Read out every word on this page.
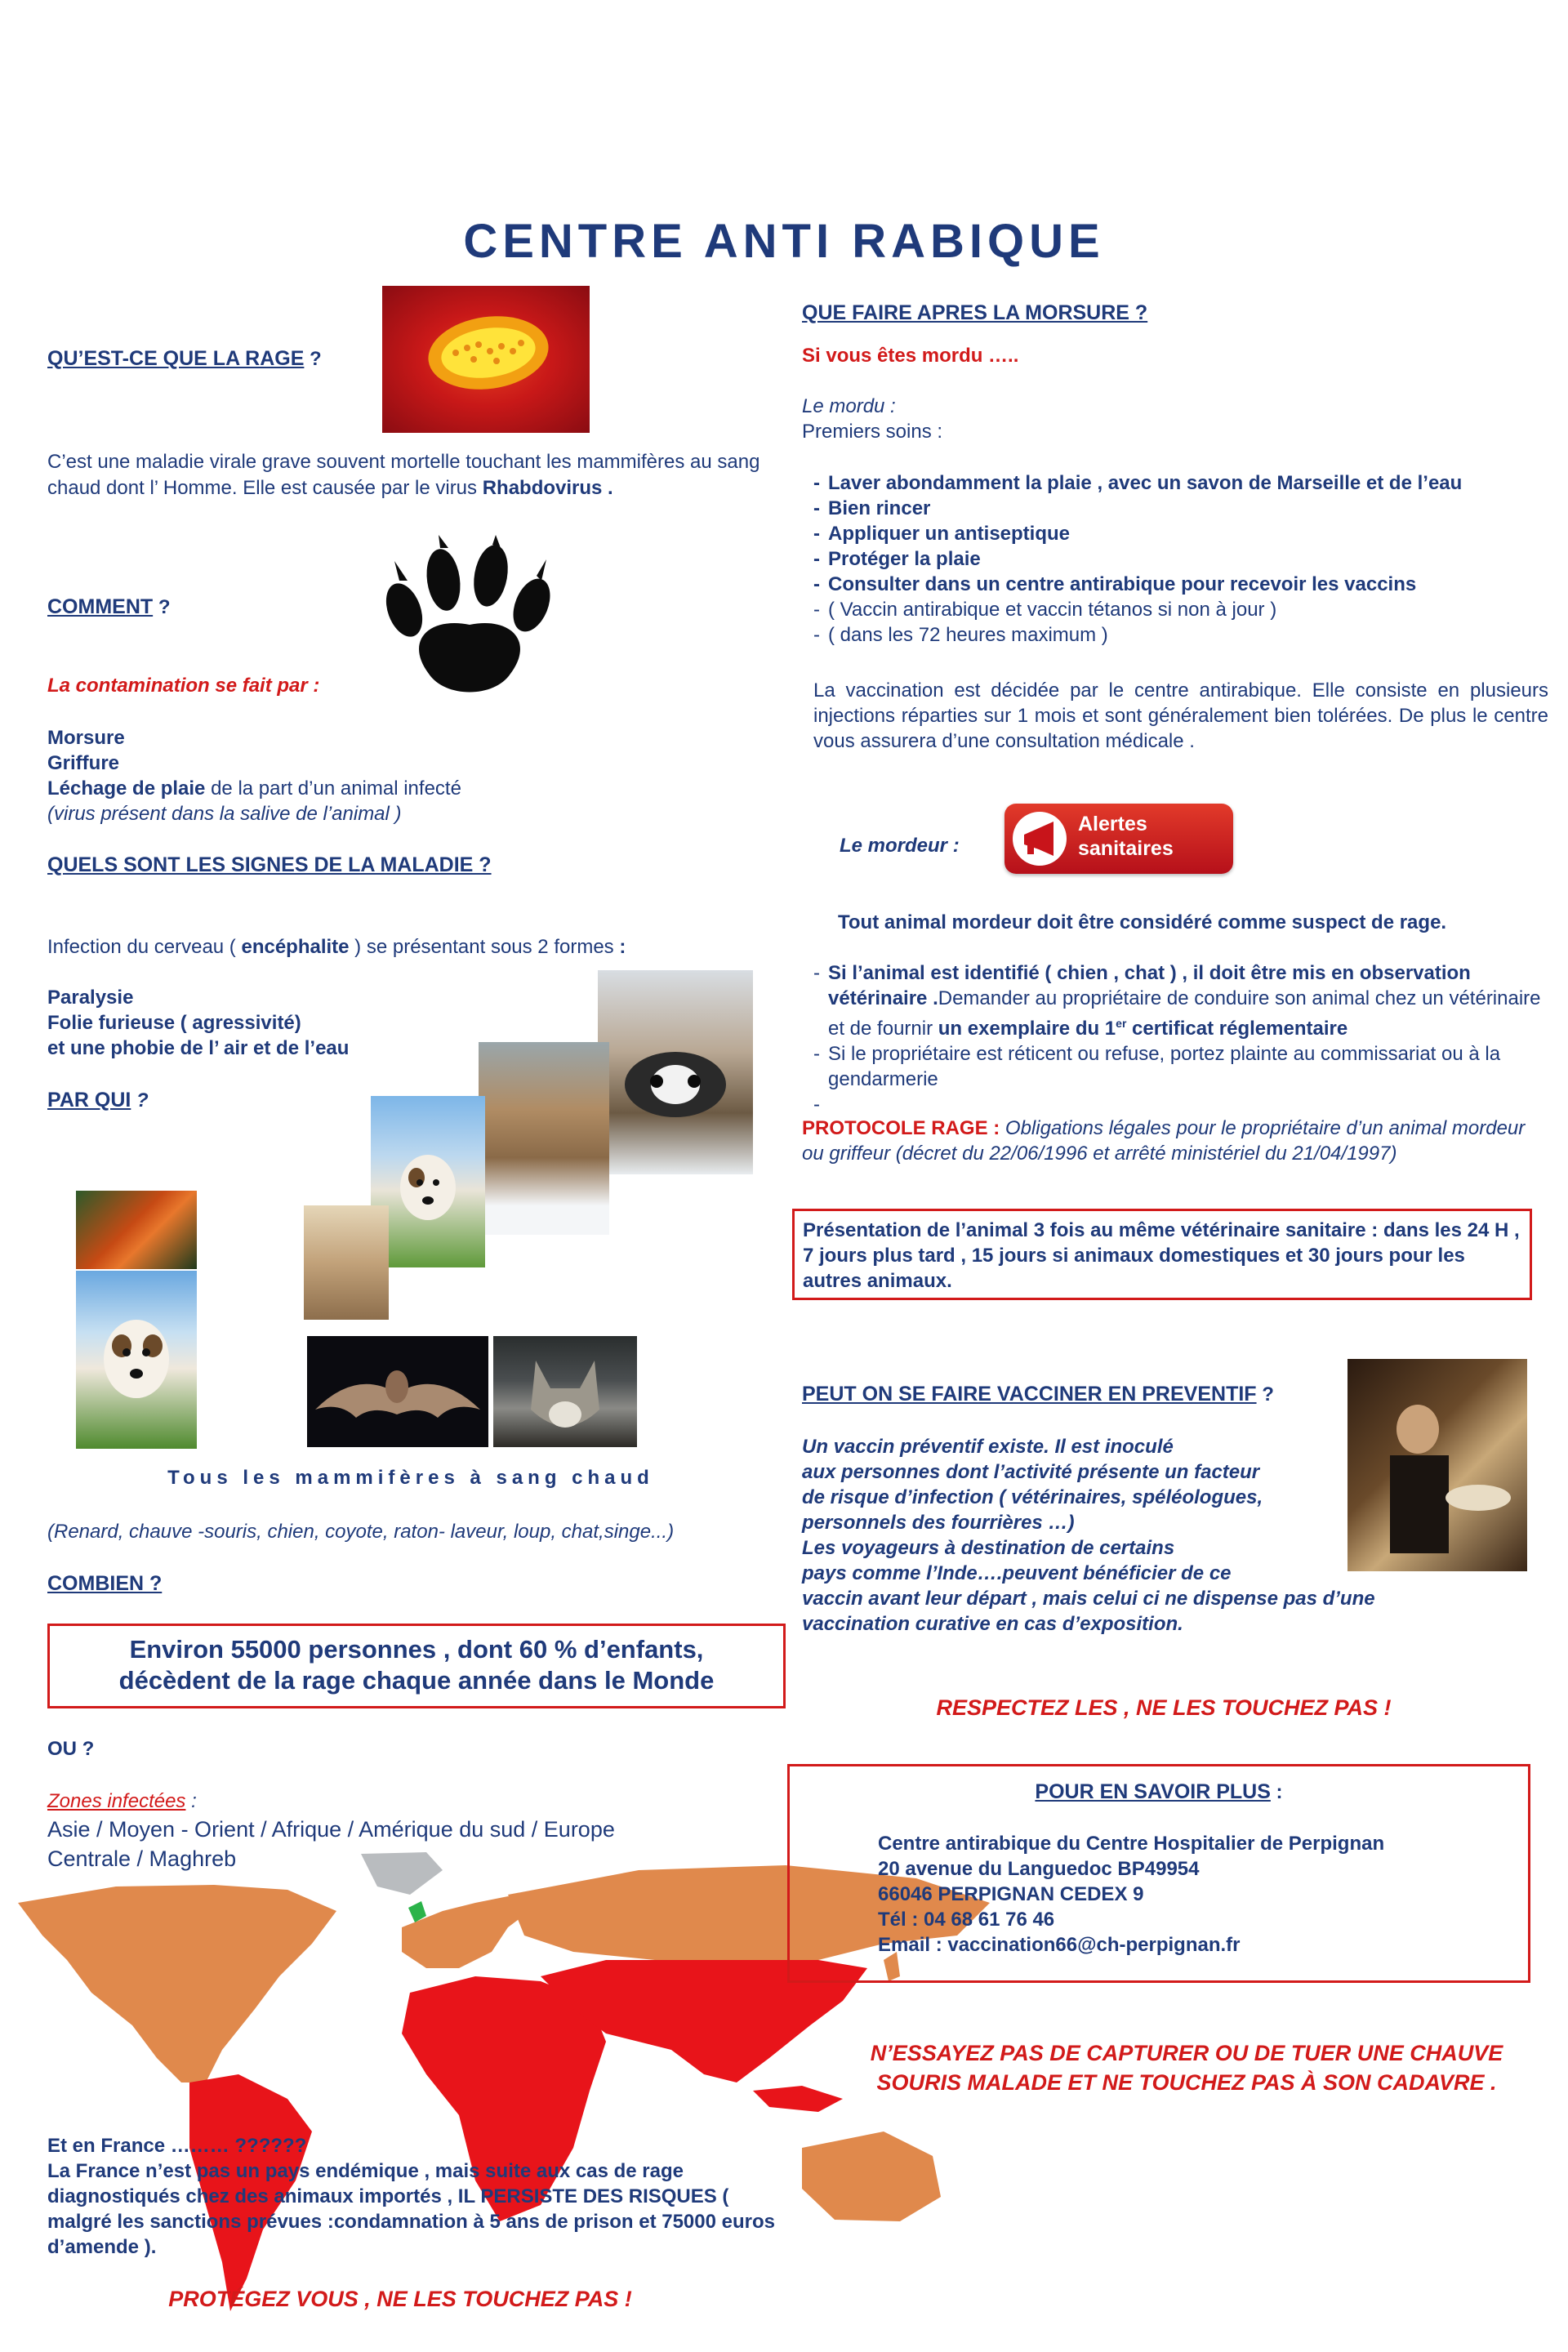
CENTRE ANTI RABIQUE
QU’EST-CE QUE LA RAGE ?
C’est une maladie virale grave souvent mortelle touchant les mammifères au sang chaud dont l’ Homme. Elle est causée par le virus Rhabdovirus .
COMMENT ?
La contamination se fait par :
Morsure
Griffure
Léchage de plaie de la part d’un animal infecté
(virus présent dans la salive de l’animal )
QUELS SONT LES SIGNES DE LA MALADIE ?
Infection du cerveau ( encéphalite ) se présentant sous 2 formes :
Paralysie
Folie furieuse ( agressivité)
et une phobie de l’ air et de l’eau
PAR QUI ?
Tous les mammifères à sang chaud
(Renard, chauve -souris, chien, coyote, raton- laveur, loup, chat,singe...)
COMBIEN ?
Environ 55000 personnes , dont 60 % d’enfants, décèdent de la rage chaque année dans le Monde
OU ?
Zones infectées :
Asie / Moyen - Orient / Afrique / Amérique du sud / Europe Centrale / Maghreb
Et en France ……… ??????
La France n’est pas un pays endémique , mais suite aux cas de rage diagnostiqués chez des animaux importés , IL PERSISTE DES RISQUES ( malgré les sanctions prévues :condamnation à 5 ans de prison et 75000 euros d’amende ).
PROTÉGEZ VOUS , NE LES TOUCHEZ PAS !
QUE FAIRE APRES LA MORSURE ?
Si vous êtes mordu …..
Le mordu :
Premiers soins :
- Laver abondamment la plaie , avec un savon de Marseille et de l’eau
- Bien rincer
- Appliquer un antiseptique
- Protéger la plaie
- Consulter dans un centre antirabique pour recevoir les vaccins
- ( Vaccin antirabique et vaccin tétanos si non à jour )
- ( dans les 72 heures maximum )
La vaccination est décidée par le centre antirabique. Elle consiste en plusieurs injections réparties sur 1 mois et sont généralement bien tolérées. De plus le centre vous assurera d’une consultation médicale .
Le mordeur :
Alertes
sanitaires
Tout animal mordeur doit être considéré comme suspect de rage.
- Si l’animal est identifié ( chien , chat ) , il doit être mis en observation vétérinaire .Demander au propriétaire de conduire son animal chez un vétérinaire et de fournir un exemplaire du 1er certificat réglementaire
- Si le propriétaire est réticent ou refuse, portez plainte au commissariat ou à la gendarmerie
PROTOCOLE RAGE : Obligations légales pour le propriétaire d’un animal mordeur ou griffeur (décret du 22/06/1996 et arrêté ministériel du 21/04/1997)
Présentation de l’animal 3 fois au même vétérinaire sanitaire : dans les 24 H , 7 jours plus tard , 15 jours si animaux domestiques et 30 jours pour les autres animaux.
PEUT ON SE FAIRE VACCINER EN PREVENTIF ?
Un vaccin préventif existe. Il est inoculé
aux personnes dont l’activité présente un facteur
de risque d’infection ( vétérinaires, spéléologues,
personnels des fourrières …)
Les voyageurs à destination de certains
pays comme l’Inde….peuvent bénéficier de ce
vaccin avant leur départ , mais celui ci ne dispense pas d’une vaccination curative en cas d’exposition.
RESPECTEZ LES , NE LES TOUCHEZ PAS !
POUR EN SAVOIR PLUS :
Centre antirabique du Centre Hospitalier de Perpignan
20 avenue du Languedoc BP49954
66046 PERPIGNAN CEDEX 9
Tél : 04 68 61 76 46
Email : vaccination66@ch-perpignan.fr
N’ESSAYEZ PAS DE CAPTURER OU DE TUER UNE CHAUVE SOURIS MALADE ET NE TOUCHEZ PAS À SON CADAVRE .
